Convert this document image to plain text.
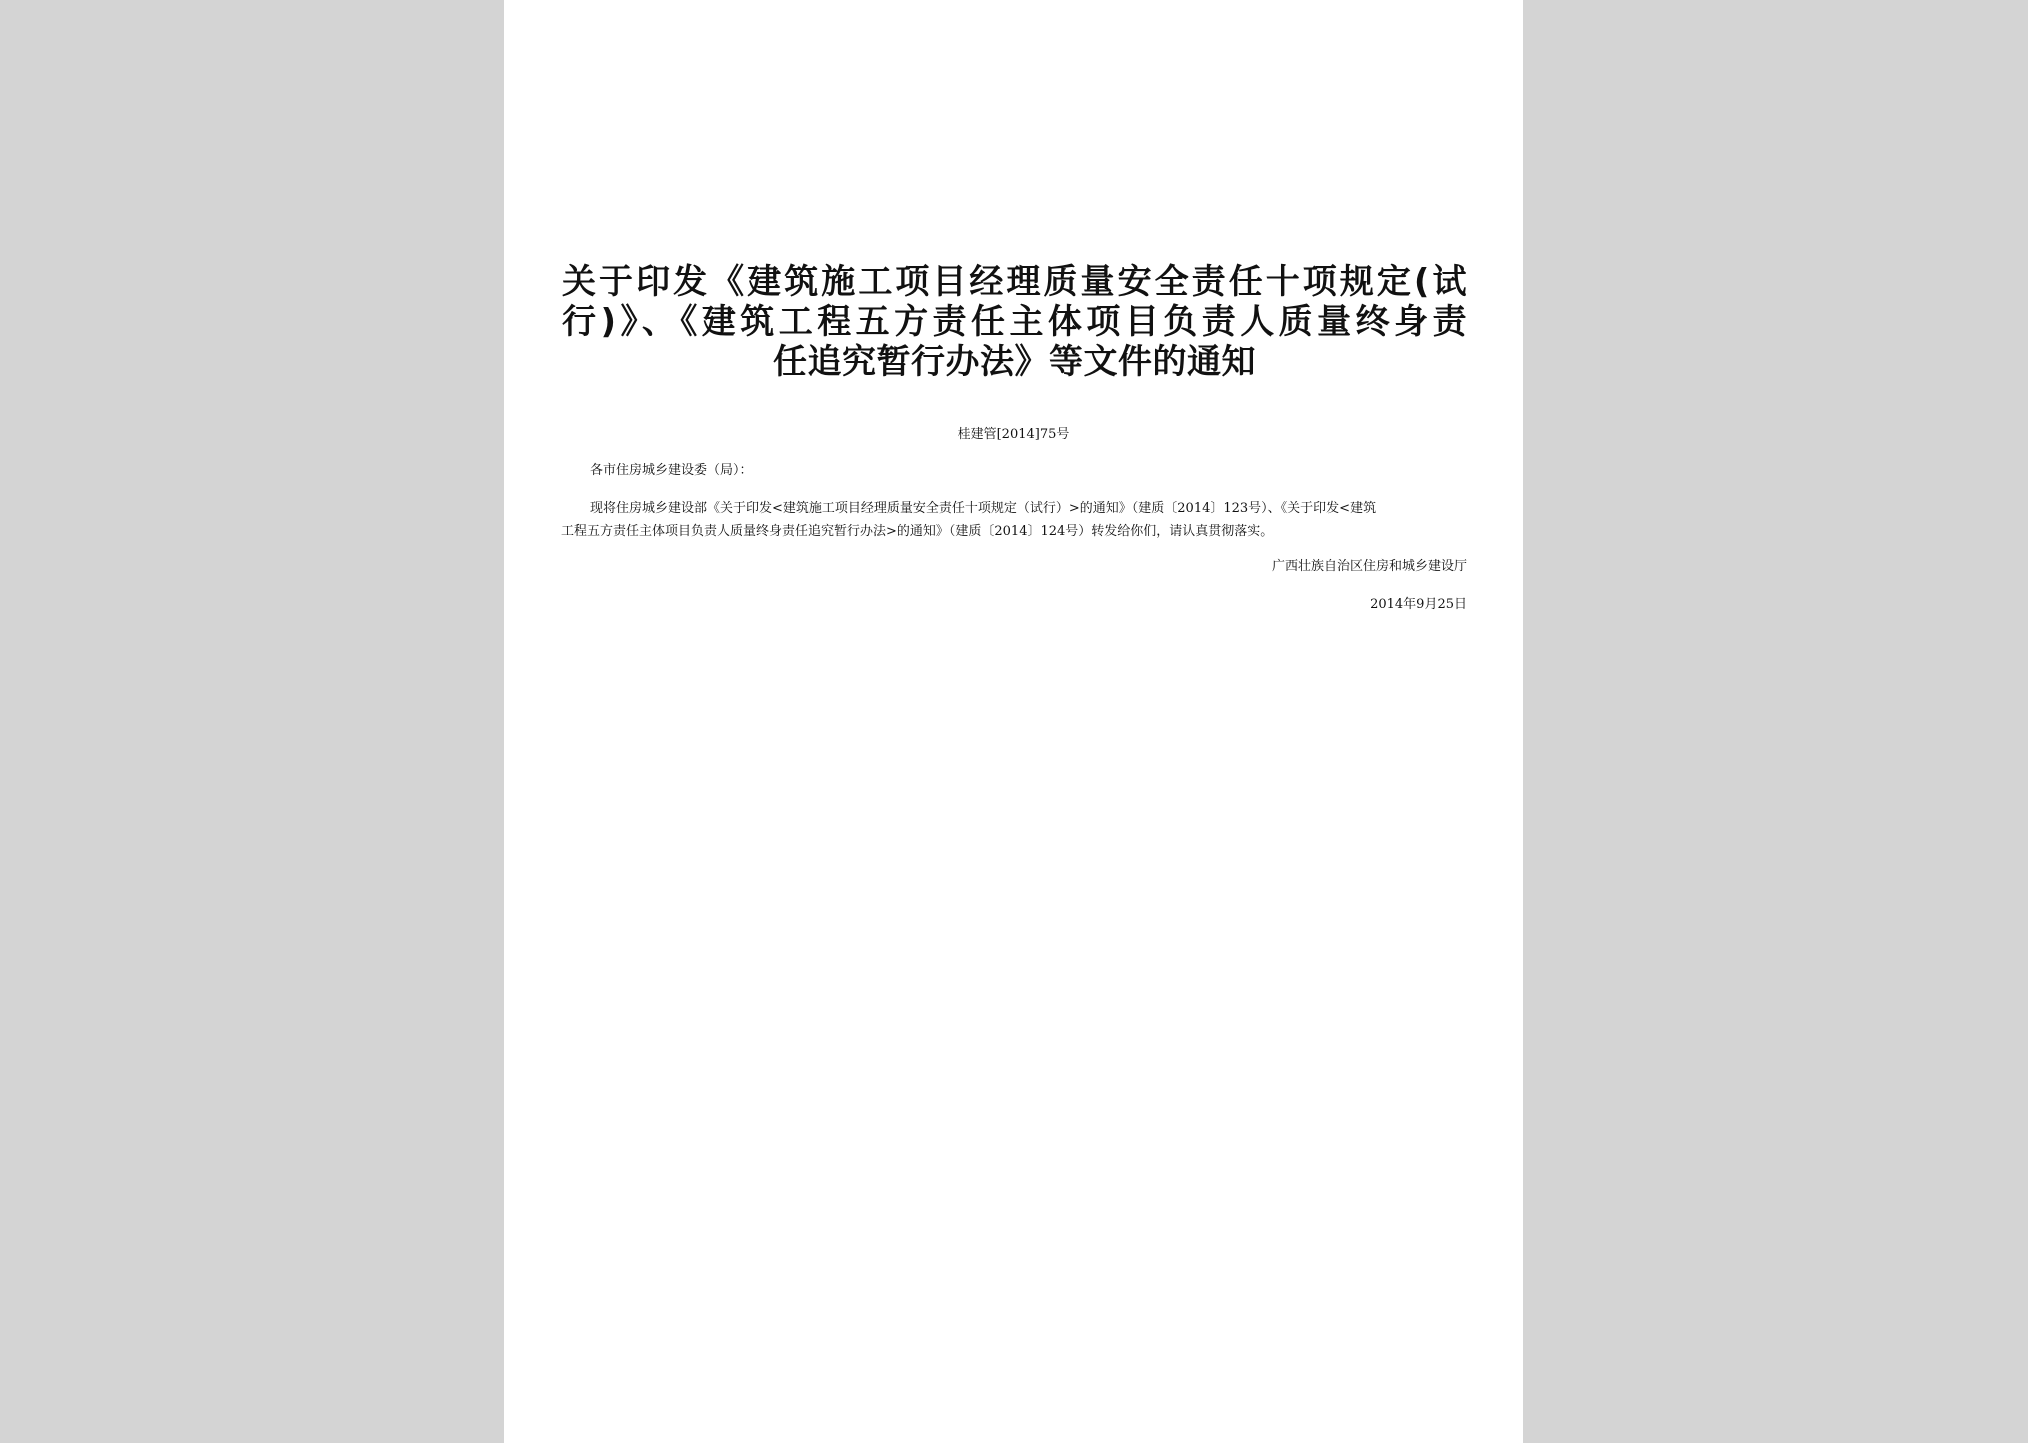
关于印发《建筑施工项目经理质量安全责任十项规定(试
行)》、《建筑工程五方责任主体项目负责人质量终身责
任追究暂行办法》等文件的通知
桂建管[2014]75号
各市住房城乡建设委（局）：

现将住房城乡建设部《关于印发<建筑施工项目经理质量安全责任十项规定（试行）>的通知》（建质〔2014〕123号）、《关于印发<建筑
工程五方责任主体项目负责人质量终身责任追究暂行办法>的通知》（建质〔2014〕124号）转发给你们，请认真贯彻落实。

广西壮族自治区住房和城乡建设厅
2014年9月25日
